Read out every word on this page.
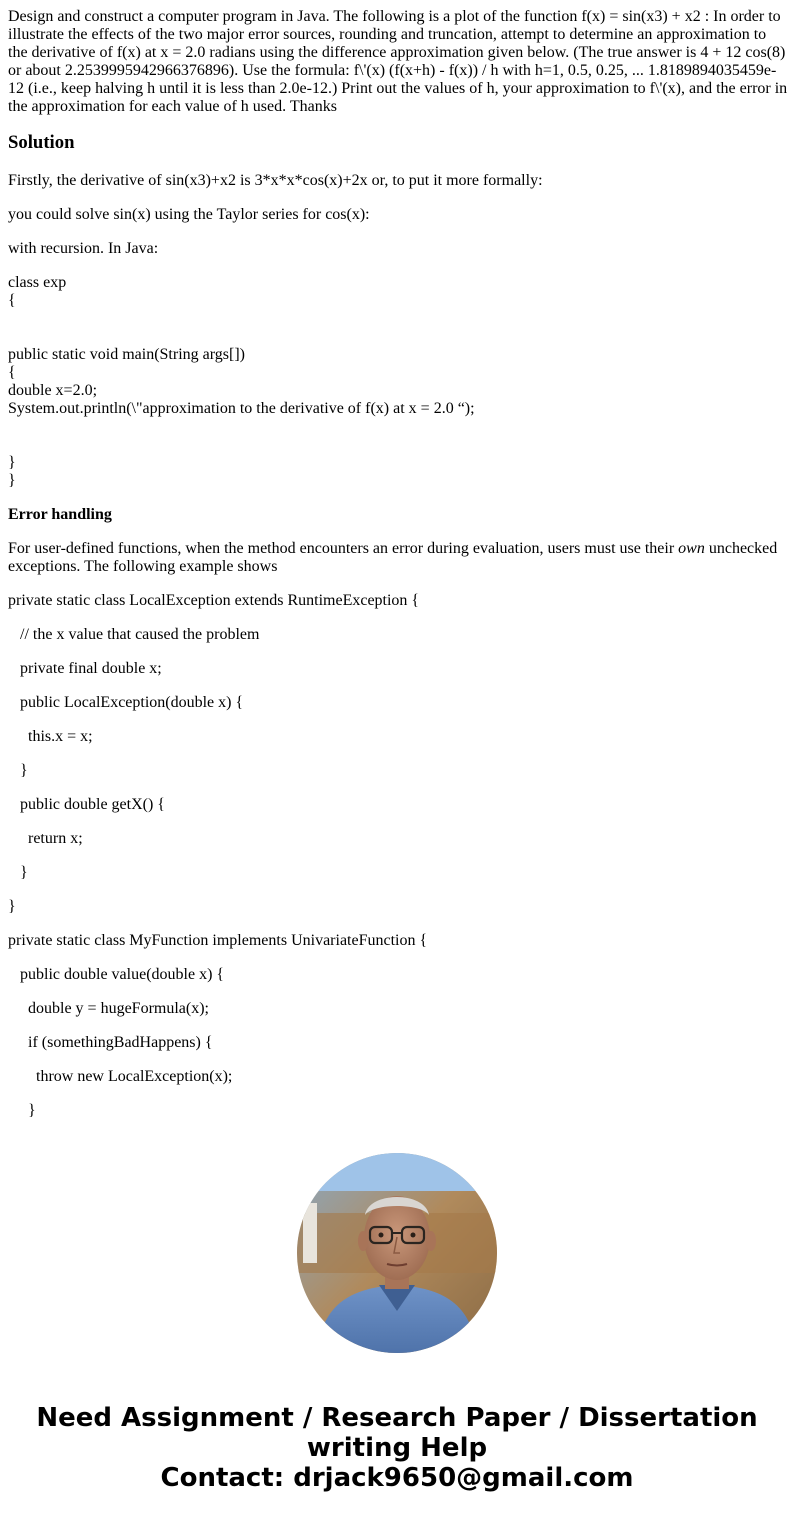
Design and construct a computer program in Java. The following is a plot of the function f(x) = sin(x3) + x2 : In order to illustrate the effects of the two major error sources, rounding and truncation, attempt to determine an approximation to the derivative of f(x) at x = 2.0 radians using the difference approximation given below. (The true answer is 4 + 12 cos(8) or about 2.2539995942966376896). Use the formula: f\'(x) (f(x+h) - f(x)) / h with h=1, 0.5, 0.25, ... 1.8189894035459e-12 (i.e., keep halving h until it is less than 2.0e-12.) Print out the values of h, your approximation to f\'(x), and the error in the approximation for each value of h used. Thanks

Solution

Firstly, the derivative of sin(x3)+x2 is 3*x*x*cos(x)+2x or, to put it more formally:

you could solve sin(x) using the Taylor series for cos(x):

with recursion. In Java:

class exp
{
public static void main(String args[])
{
double x=2.0;
System.out.println(\"approximation to the derivative of f(x) at x = 2.0 “);
}
}

Error handling

For user-defined functions, when the method encounters an error during evaluation, users must use their own unchecked exceptions. The following example shows

private static class LocalException extends RuntimeException {

// the x value that caused the problem

private final double x;

public LocalException(double x) {

this.x = x;

}

public double getX() {

return x;

}

}

private static class MyFunction implements UnivariateFunction {

public double value(double x) {

double y = hugeFormula(x);

if (somethingBadHappens) {

throw new LocalException(x);

}

Need Assignment / Research Paper / Dissertation
writing Help
Contact: drjack9650@gmail.com
